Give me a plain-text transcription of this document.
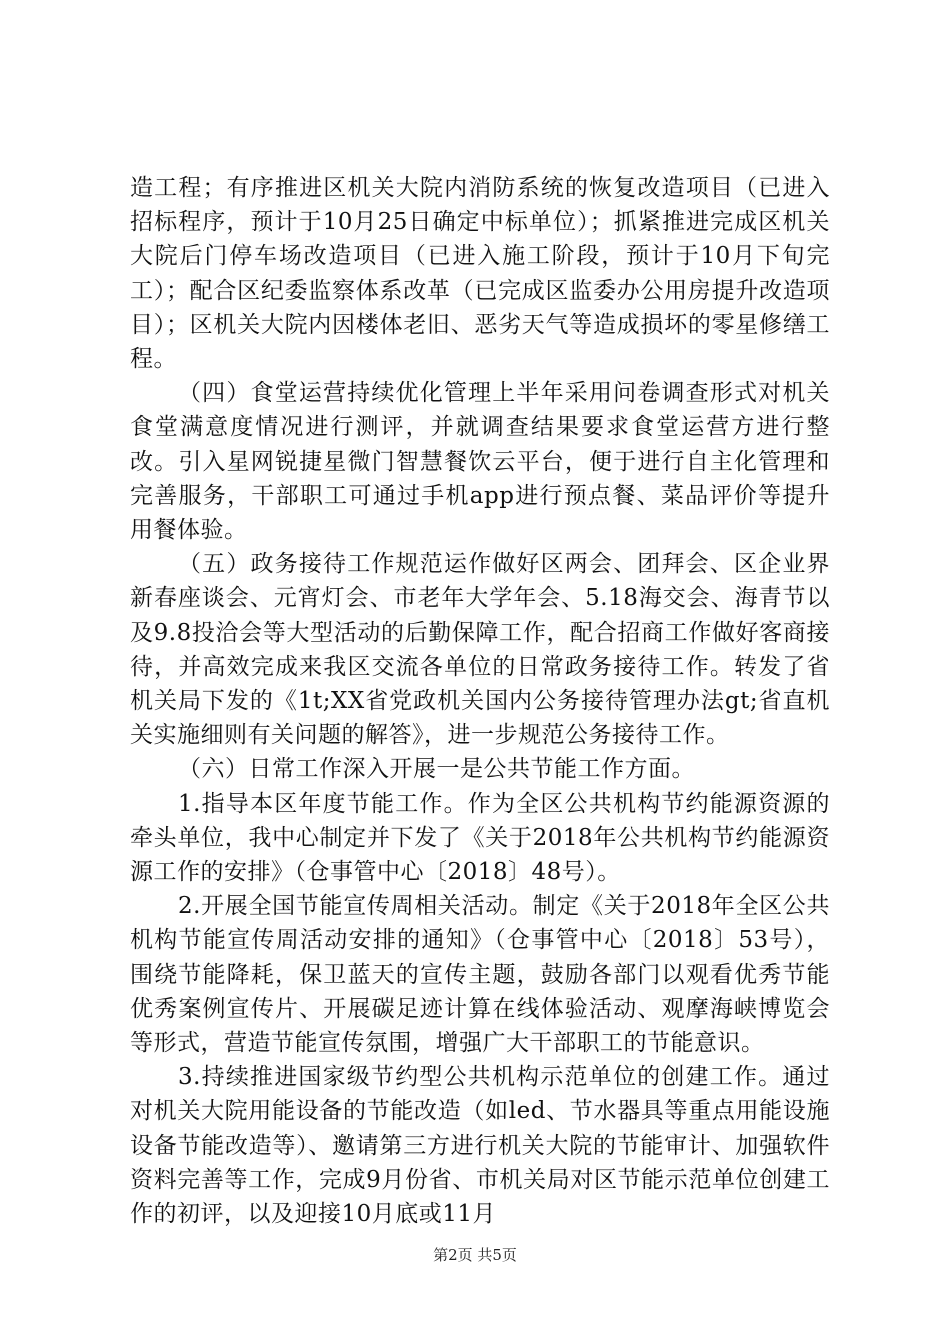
造工程；有序推进区机关大院内消防系统的恢复改造项目（已进入招标程序，预计于10月25日确定中标单位）；抓紧推进完成区机关大院后门停车场改造项目（已进入施工阶段，预计于10月下旬完工）；配合区纪委监察体系改革（已完成区监委办公用房提升改造项目）；区机关大院内因楼体老旧、恶劣天气等造成损坏的零星修缮工程。

（四）食堂运营持续优化管理上半年采用问卷调查形式对机关食堂满意度情况进行测评，并就调查结果要求食堂运营方进行整改。引入星网锐捷星微门智慧餐饮云平台，便于进行自主化管理和完善服务，干部职工可通过手机app进行预点餐、菜品评价等提升用餐体验。

（五）政务接待工作规范运作做好区两会、团拜会、区企业界新春座谈会、元宵灯会、市老年大学年会、5.18海交会、海青节以及9.8投洽会等大型活动的后勤保障工作，配合招商工作做好客商接待，并高效完成来我区交流各单位的日常政务接待工作。转发了省机关局下发的《1t;XX省党政机关国内公务接待管理办法gt;省直机关实施细则有关问题的解答》，进一步规范公务接待工作。

（六）日常工作深入开展一是公共节能工作方面。

1.指导本区年度节能工作。作为全区公共机构节约能源资源的牵头单位，我中心制定并下发了《关于2018年公共机构节约能源资源工作的安排》（仓事管中心〔2018〕48号）。

2.开展全国节能宣传周相关活动。制定《关于2018年全区公共机构节能宣传周活动安排的通知》（仓事管中心〔2018〕53号），围绕节能降耗，保卫蓝天的宣传主题，鼓励各部门以观看优秀节能优秀案例宣传片、开展碳足迹计算在线体验活动、观摩海峡博览会等形式，营造节能宣传氛围，增强广大干部职工的节能意识。

3.持续推进国家级节约型公共机构示范单位的创建工作。通过对机关大院用能设备的节能改造（如led、节水器具等重点用能设施设备节能改造等）、邀请第三方进行机关大院的节能审计、加强软件资料完善等工作，完成9月份省、市机关局对区节能示范单位创建工作的初评，以及迎接10月底或11月

第2页 共5页
